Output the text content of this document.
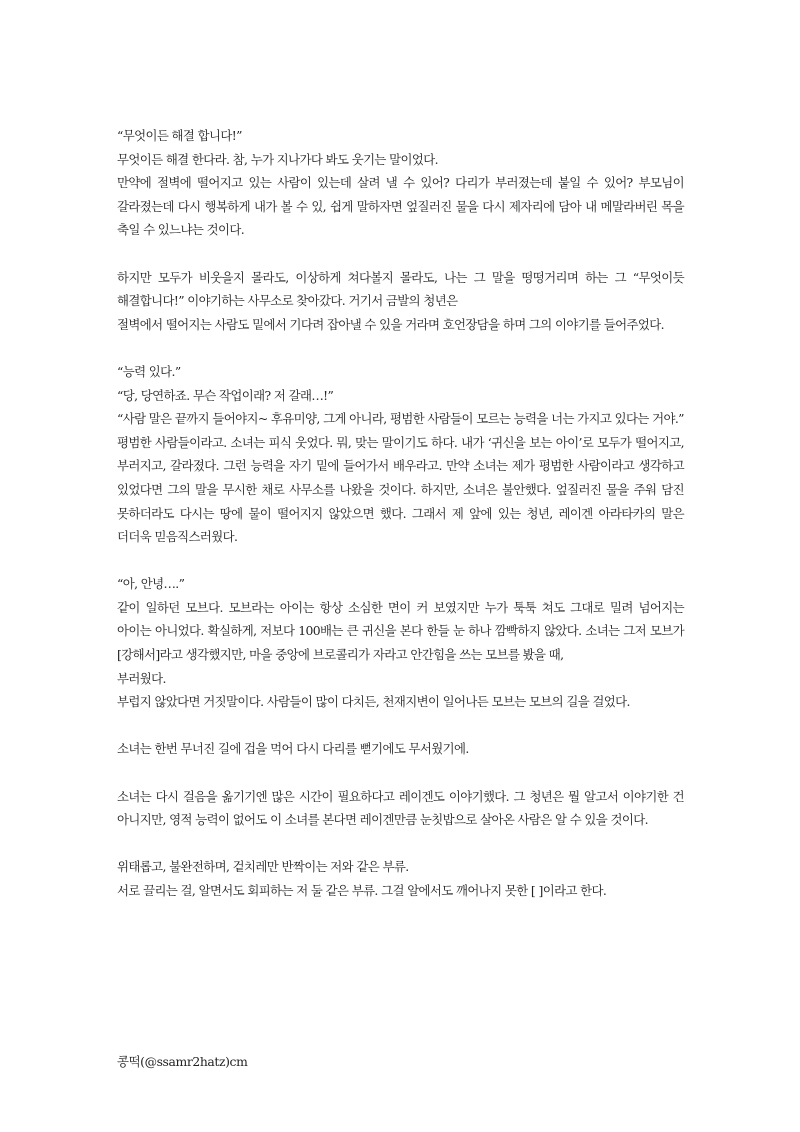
“무엇이든 해결 합니다!”

무엇이든 해결 한다라. 참, 누가 지나가다 봐도 웃기는 말이었다.

만약에 절벽에 떨어지고 있는 사람이 있는데 살려 낼 수 있어? 다리가 부러졌는데 붙일 수 있어? 부모님이 갈라졌는데 다시 행복하게 내가 볼 수 있, 쉽게 말하자면 엎질러진 물을 다시 제자리에 담아 내 메말라버린 목을 축일 수 있느냐는 것이다.

하지만 모두가 비웃을지 몰라도, 이상하게 쳐다볼지 몰라도, 나는 그 말을 떵떵거리며 하는 그 “무엇이듯 해결합니다!” 이야기하는 사무소로 찾아갔다. 거기서 금발의 청년은

절벽에서 떨어지는 사람도 밑에서 기다려 잡아낼 수 있을 거라며 호언장담을 하며 그의 이야기를 들어주었다.

“능력 있다.”

“당, 당연하죠. 무슨 작업이래? 저 갈래…!”

“사람 말은 끝까지 들어야지~ 후유미양, 그게 아니라, 평범한 사람들이 모르는 능력을 너는 가지고 있다는 거야.”

평범한 사람들이라고. 소녀는 피식 웃었다. 뭐, 맞는 말이기도 하다. 내가 ‘귀신을 보는 아이’로 모두가 떨어지고, 부러지고, 갈라졌다. 그런 능력을 자기 밑에 들어가서 배우라고. 만약 소녀는 제가 평범한 사람이라고 생각하고 있었다면 그의 말을 무시한 채로 사무소를 나왔을 것이다. 하지만, 소녀은 불안했다. 엎질러진 물을 주워 담진 못하더라도 다시는 땅에 물이 떨어지지 않았으면 했다. 그래서 제 앞에 있는 청년, 레이겐 아라타카의 말은 더더욱 믿음직스러웠다.

“아, 안녕….”

같이 일하던 모브다. 모브라는 아이는 항상 소심한 면이 커 보였지만 누가 툭툭 쳐도 그대로 밀려 넘어지는 아이는 아니었다. 확실하게, 저보다 100배는 큰 귀신을 본다 한들 눈 하나 깜빡하지 않았다. 소녀는 그저 모브가 [강해서]라고 생각했지만, 마을 중앙에 브로콜리가 자라고 안간힘을 쓰는 모브를 봤을 때,

부러웠다.

부럽지 않았다면 거짓말이다. 사람들이 많이 다치든, 천재지변이 일어나든 모브는 모브의 길을 걸었다.

소녀는 한번 무너진 길에 겁을 먹어 다시 다리를 뻗기에도 무서웠기에.

소녀는 다시 걸음을 옮기기엔 많은 시간이 필요하다고 레이겐도 이야기했다. 그 청년은 뭘 알고서 이야기한 건 아니지만, 영적 능력이 없어도 이 소녀를 본다면 레이겐만큼 눈칫밥으로 살아온 사람은 알 수 있을 것이다.

위태롭고, 불완전하며, 겉치레만 반짝이는 저와 같은 부류.

서로 끌리는 걸, 알면서도 회피하는 저 둘 같은 부류. 그걸 알에서도 깨어나지 못한 [ ]이라고 한다.

콩떡(@ssamr2hatz)cm
